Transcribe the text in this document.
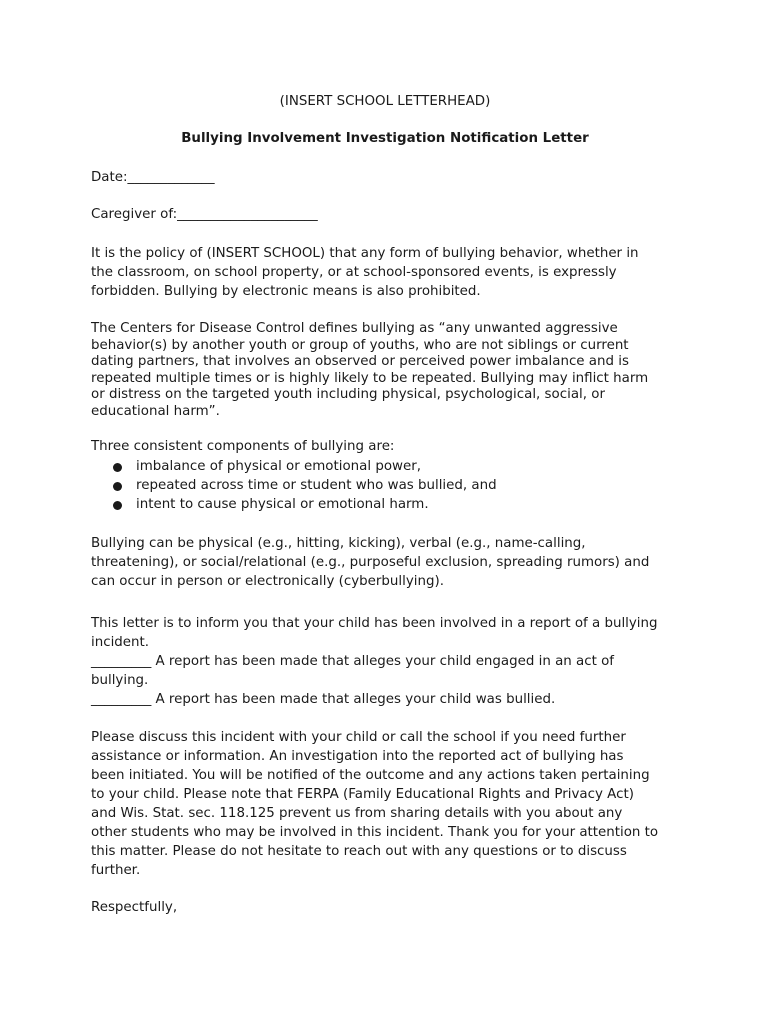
(INSERT SCHOOL LETTERHEAD)

Bullying Involvement Investigation Notification Letter

Date:_____________

Caregiver of:_____________________

It is the policy of (INSERT SCHOOL) that any form of bullying behavior, whether in
the classroom, on school property, or at school-sponsored events, is expressly
forbidden. Bullying by electronic means is also prohibited.

The Centers for Disease Control defines bullying as “any unwanted aggressive
behavior(s) by another youth or group of youths, who are not siblings or current
dating partners, that involves an observed or perceived power imbalance and is
repeated multiple times or is highly likely to be repeated. Bullying may inflict harm
or distress on the targeted youth including physical, psychological, social, or
educational harm”.

Three consistent components of bullying are:

imbalance of physical or emotional power,
repeated across time or student who was bullied, and
intent to cause physical or emotional harm.

Bullying can be physical (e.g., hitting, kicking), verbal (e.g., name-calling,
threatening), or social/relational (e.g., purposeful exclusion, spreading rumors) and
can occur in person or electronically (cyberbullying).

This letter is to inform you that your child has been involved in a report of a bullying
incident.
_________ A report has been made that alleges your child engaged in an act of
bullying.
_________ A report has been made that alleges your child was bullied.

Please discuss this incident with your child or call the school if you need further
assistance or information. An investigation into the reported act of bullying has
been initiated. You will be notified of the outcome and any actions taken pertaining
to your child. Please note that FERPA (Family Educational Rights and Privacy Act)
and Wis. Stat. sec. 118.125 prevent us from sharing details with you about any
other students who may be involved in this incident. Thank you for your attention to
this matter. Please do not hesitate to reach out with any questions or to discuss
further.

Respectfully,
